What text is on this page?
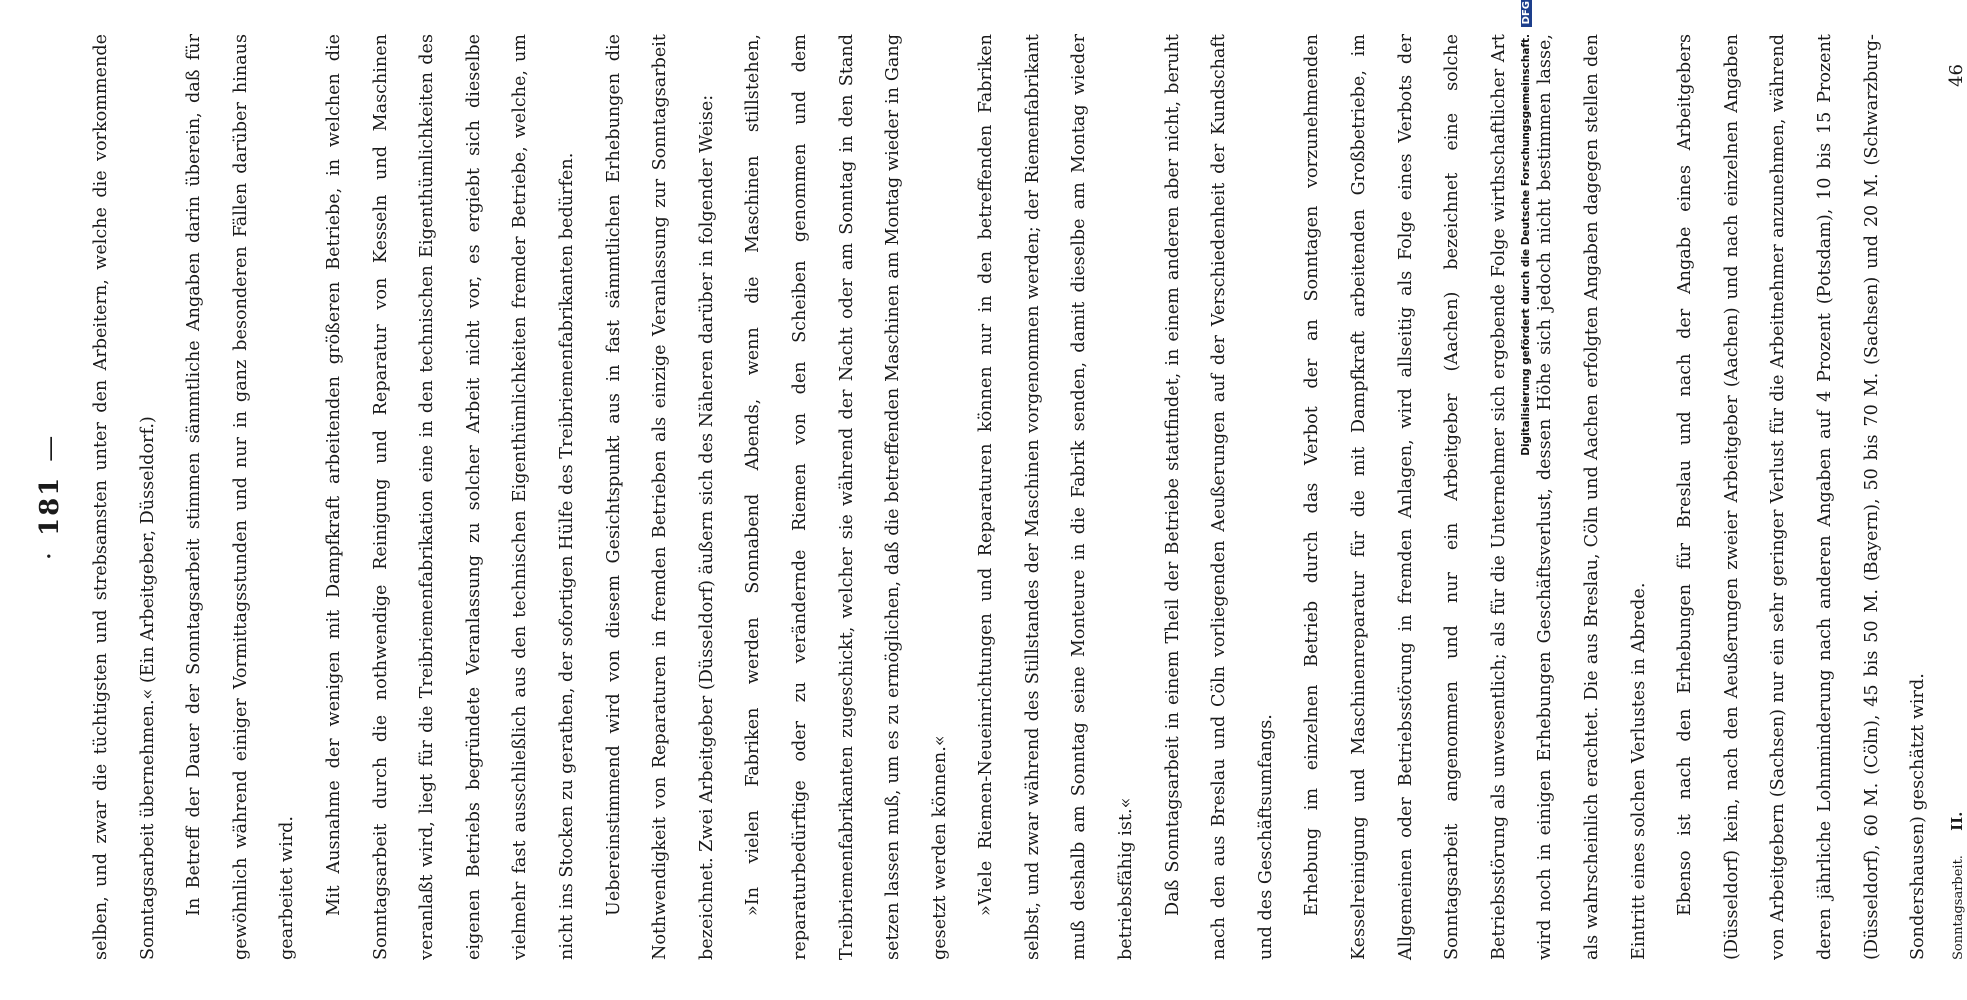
·
181
—	selben, und zwar die tüchtigsten und strebsamsten unter den Arbeitern, welche die vorkommende Sonntagsarbeit übernehmen.« (Ein Arbeitgeber, Düsseldorf.)	In Betreff der Dauer der Sonntagsarbeit stimmen sämmtliche Angaben darin überein, daß für gewöhnlich während einiger Vormittagsstunden und nur in ganz besonderen Fällen darüber hinaus gearbeitet wird.	Mit Ausnahme der wenigen mit Dampfkraft arbeitenden größeren Betriebe, in welchen die Sonntagsarbeit durch die nothwendige Reinigung und Reparatur von Kesseln und Maschinen veranlaßt wird, liegt für die Treibriemenfabrikation eine in den technischen Eigenthümlichkeiten des eigenen Betriebs begründete Veranlassung zu solcher Arbeit nicht vor, es ergiebt sich dieselbe vielmehr fast ausschließlich aus den technischen Eigenthümlichkeiten fremder Betriebe, welche, um nicht ins Stocken zu gerathen, der sofortigen Hülfe des Treibriemenfabrikanten bedürfen.	Uebereinstimmend wird von diesem Gesichtspunkt aus in fast sämmtlichen Erhebungen die Nothwendigkeit von Reparaturen in fremden Betrieben als einzige Veranlassung zur Sonntagsarbeit bezeichnet. Zwei Arbeitgeber (Düsseldorf) äußern sich des Näheren darüber in folgender Weise:	»In vielen Fabriken werden Sonnabend Abends, wenn die Maschinen stillstehen, reparaturbedürftige oder zu verändernde Riemen von den Scheiben genommen und dem Treibriemenfabrikanten zugeschickt, welcher sie während der Nacht oder am Sonntag in den Stand setzen lassen muß, um es zu ermöglichen, daß die betreffenden Maschinen am Montag wieder in Gang gesetzt werden können.«	»Viele Riemen-Neueinrichtungen und Reparaturen können nur in den betreffenden Fabriken selbst, und zwar während des Stillstandes der Maschinen vorgenommen werden; der Riemenfabrikant muß deshalb am Sonntag seine Monteure in die Fabrik senden, damit dieselbe am Montag wieder betriebsfähig ist.«	Daß Sonntagsarbeit in einem Theil der Betriebe stattfindet, in einem anderen aber nicht, beruht nach den aus Breslau und Cöln vorliegenden Aeußerungen auf der Verschiedenheit der Kundschaft und des Geschäftsumfangs.	Erhebung im einzelnen Betrieb durch das Verbot der an Sonntagen vorzunehmenden Kesselreinigung und Maschinenreparatur für die mit Dampfkraft arbeitenden Großbetriebe, im Allgemeinen oder Betriebsstörung in fremden Anlagen, wird allseitig als Folge eines Verbots der Sonntagsarbeit angenommen und nur ein Arbeitgeber (Aachen) bezeichnet eine solche Betriebsstörung als unwesentlich; als für die Unternehmer sich ergebende Folge wirthschaftlicher Art wird noch in einigen Erhebungen Geschäftsverlust, dessen Höhe sich jedoch nicht bestimmen lasse, als wahrscheinlich erachtet. Die aus Breslau, Cöln und Aachen erfolgten Angaben dagegen stellen den Eintritt eines solchen Verlustes in Abrede.	Ebenso ist nach den Erhebungen für Breslau und nach der Angabe eines Arbeitgebers (Düsseldorf) kein, nach den Aeußerungen zweier Arbeitgeber (Aachen) und nach einzelnen Angaben von Arbeitgebern (Sachsen) nur ein sehr geringer Verlust für die Arbeitnehmer anzunehmen, während deren jährliche Lohnminderung nach anderen Angaben auf 4 Prozent (Potsdam), 10 bis 15 Prozent (Düsseldorf), 60 M. (Cöln), 45 bis 50 M. (Bayern), 50 bis 70 M. (Sachsen) und 20 M. (Schwarzburg-Sondershausen) geschätzt wird.	Sonntagsarbeit. II.
46
Digitalisierung gefördert durch die Deutsche Forschungsgemeinschaft. DFG
